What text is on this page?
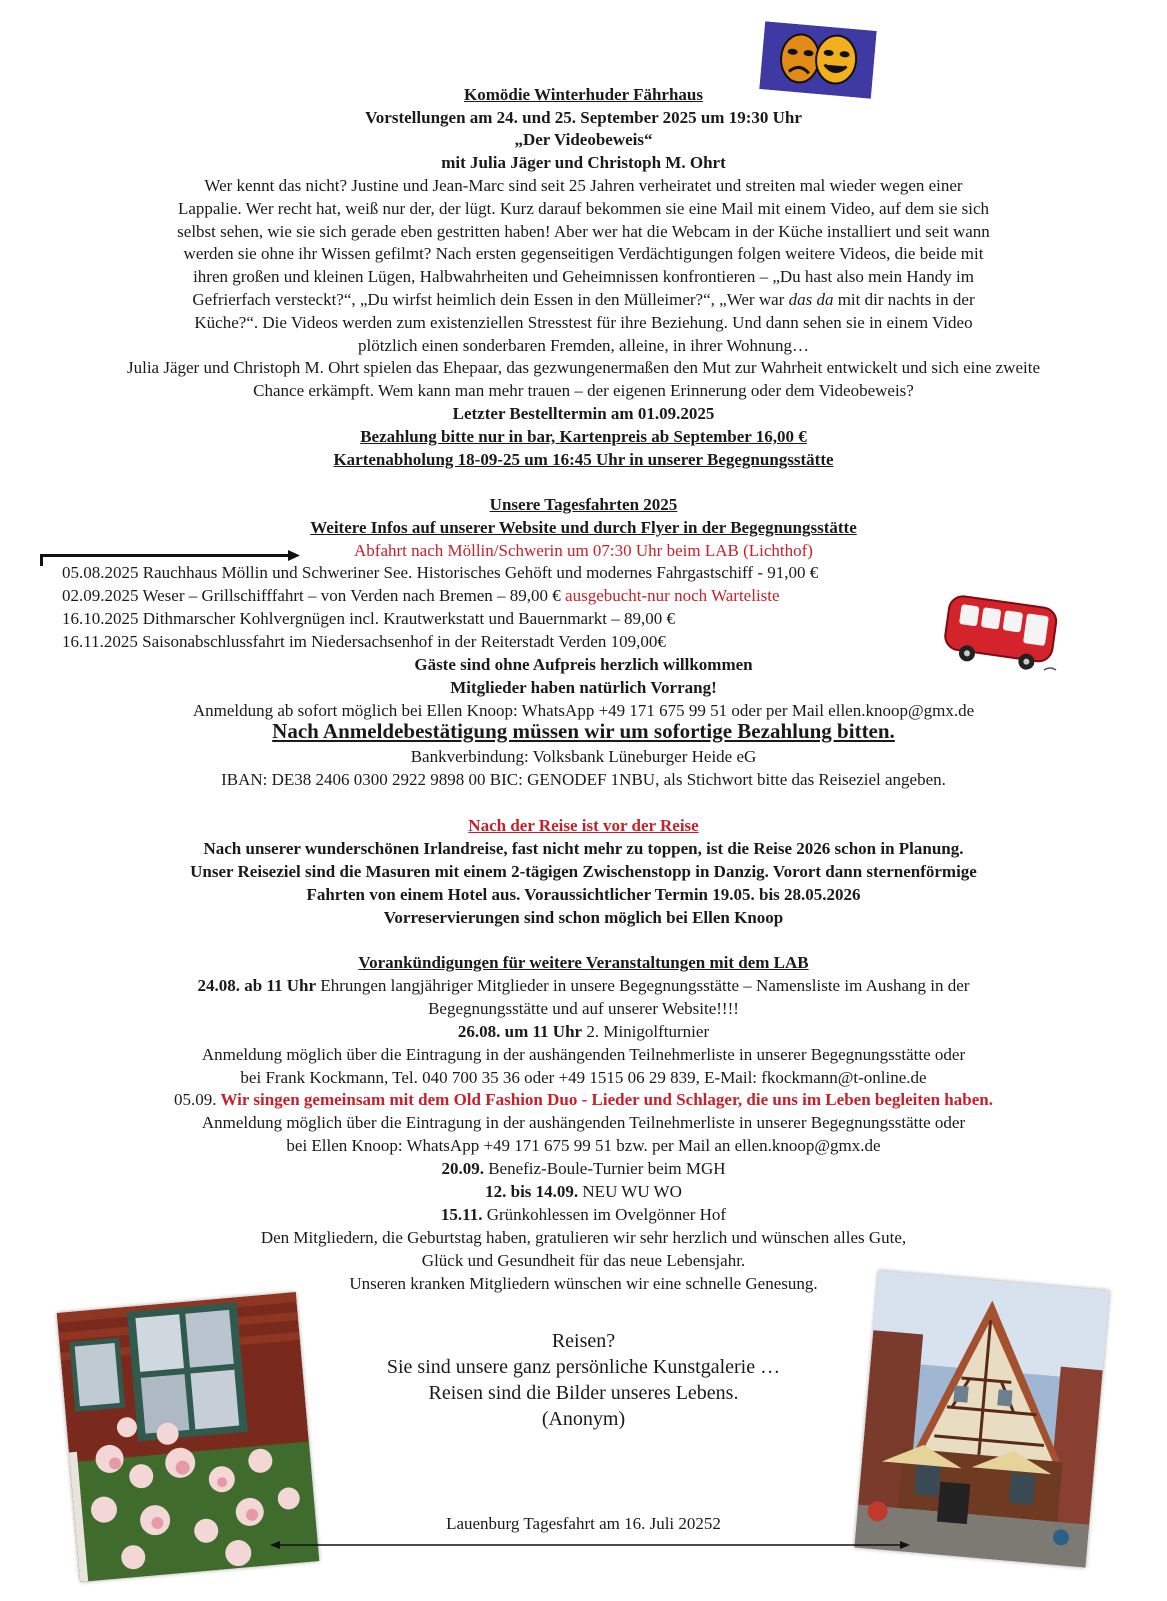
Komödie Winterhuder Fährhaus
Vorstellungen am 24. und 25. September 2025 um 19:30 Uhr
„Der Videobeweis“
mit Julia Jäger und Christoph M. Ohrt
Wer kennt das nicht? Justine und Jean-Marc sind seit 25 Jahren verheiratet und streiten mal wieder wegen einer
Lappalie. Wer recht hat, weiß nur der, der lügt. Kurz darauf bekommen sie eine Mail mit einem Video, auf dem sie sich
selbst sehen, wie sie sich gerade eben gestritten haben! Aber wer hat die Webcam in der Küche installiert und seit wann
werden sie ohne ihr Wissen gefilmt? Nach ersten gegenseitigen Verdächtigungen folgen weitere Videos, die beide mit
ihren großen und kleinen Lügen, Halbwahrheiten und Geheimnissen konfrontieren – „Du hast also mein Handy im
Gefrierfach versteckt?“, „Du wirfst heimlich dein Essen in den Mülleimer?“, „Wer war das da mit dir nachts in der
Küche?“. Die Videos werden zum existenziellen Stresstest für ihre Beziehung. Und dann sehen sie in einem Video
plötzlich einen sonderbaren Fremden, alleine, in ihrer Wohnung…
Julia Jäger und Christoph M. Ohrt spielen das Ehepaar, das gezwungenermaßen den Mut zur Wahrheit entwickelt und sich eine zweite
Chance erkämpft. Wem kann man mehr trauen – der eigenen Erinnerung oder dem Videobeweis?
Letzter Bestelltermin am 01.09.2025
Bezahlung bitte nur in bar, Kartenpreis ab September 16,00 €
Kartenabholung 18-09-25 um 16:45 Uhr in unserer Begegnungsstätte
Unsere Tagesfahrten 2025
Weitere Infos auf unserer Website und durch Flyer in der Begegnungsstätte
Abfahrt nach Möllin/Schwerin um 07:30 Uhr beim LAB (Lichthof)
05.08.2025 Rauchhaus Möllin und Schweriner See. Historisches Gehöft und modernes Fahrgastschiff - 91,00 €
02.09.2025 Weser – Grillschifffahrt – von Verden nach Bremen – 89,00 € ausgebucht-nur noch Warteliste
16.10.2025 Dithmarscher Kohlvergnügen incl. Krautwerkstatt und Bauernmarkt – 89,00 €
16.11.2025 Saisonabschlussfahrt im Niedersachsenhof in der Reiterstadt Verden 109,00€
Gäste sind ohne Aufpreis herzlich willkommen
Mitglieder haben natürlich Vorrang!
Anmeldung ab sofort möglich bei Ellen Knoop: WhatsApp +49 171 675 99 51 oder per Mail ellen.knoop@gmx.de
Nach Anmeldebestätigung müssen wir um sofortige Bezahlung bitten.
Bankverbindung: Volksbank Lüneburger Heide eG
IBAN: DE38 2406 0300 2922 9898 00 BIC: GENODEF 1NBU, als Stichwort bitte das Reiseziel angeben.
Nach der Reise ist vor der Reise
Nach unserer wunderschönen Irlandreise, fast nicht mehr zu toppen, ist die Reise 2026 schon in Planung.
Unser Reiseziel sind die Masuren mit einem 2-tägigen Zwischenstopp in Danzig. Vorort dann sternenförmige
Fahrten von einem Hotel aus. Voraussichtlicher Termin 19.05. bis 28.05.2026
Vorreservierungen sind schon möglich bei Ellen Knoop
Vorankündigungen für weitere Veranstaltungen mit dem LAB
24.08. ab 11 Uhr Ehrungen langjähriger Mitglieder in unsere Begegnungsstätte – Namensliste im Aushang in der
Begegnungsstätte und auf unserer Website!!!!
26.08. um 11 Uhr 2. Minigolfturnier
Anmeldung möglich über die Eintragung in der aushängenden Teilnehmerliste in unserer Begegnungsstätte oder
bei Frank Kockmann, Tel. 040 700 35 36 oder +49 1515 06 29 839, E-Mail: fkockmann@t-online.de
05.09. Wir singen gemeinsam mit dem Old Fashion Duo - Lieder und Schlager, die uns im Leben begleiten haben.
Anmeldung möglich über die Eintragung in der aushängenden Teilnehmerliste in unserer Begegnungsstätte oder
bei Ellen Knoop: WhatsApp +49 171 675 99 51 bzw. per Mail an ellen.knoop@gmx.de
20.09. Benefiz-Boule-Turnier beim MGH
12. bis 14.09. NEU WU WO
15.11. Grünkohlessen im Ovelgönner Hof
Den Mitgliedern, die Geburtstag haben, gratulieren wir sehr herzlich und wünschen alles Gute,
Glück und Gesundheit für das neue Lebensjahr.
Unseren kranken Mitgliedern wünschen wir eine schnelle Genesung.
Reisen?
Sie sind unsere ganz persönliche Kunstgalerie …
Reisen sind die Bilder unseres Lebens.
(Anonym)
Lauenburg Tagesfahrt am 16. Juli 20252
